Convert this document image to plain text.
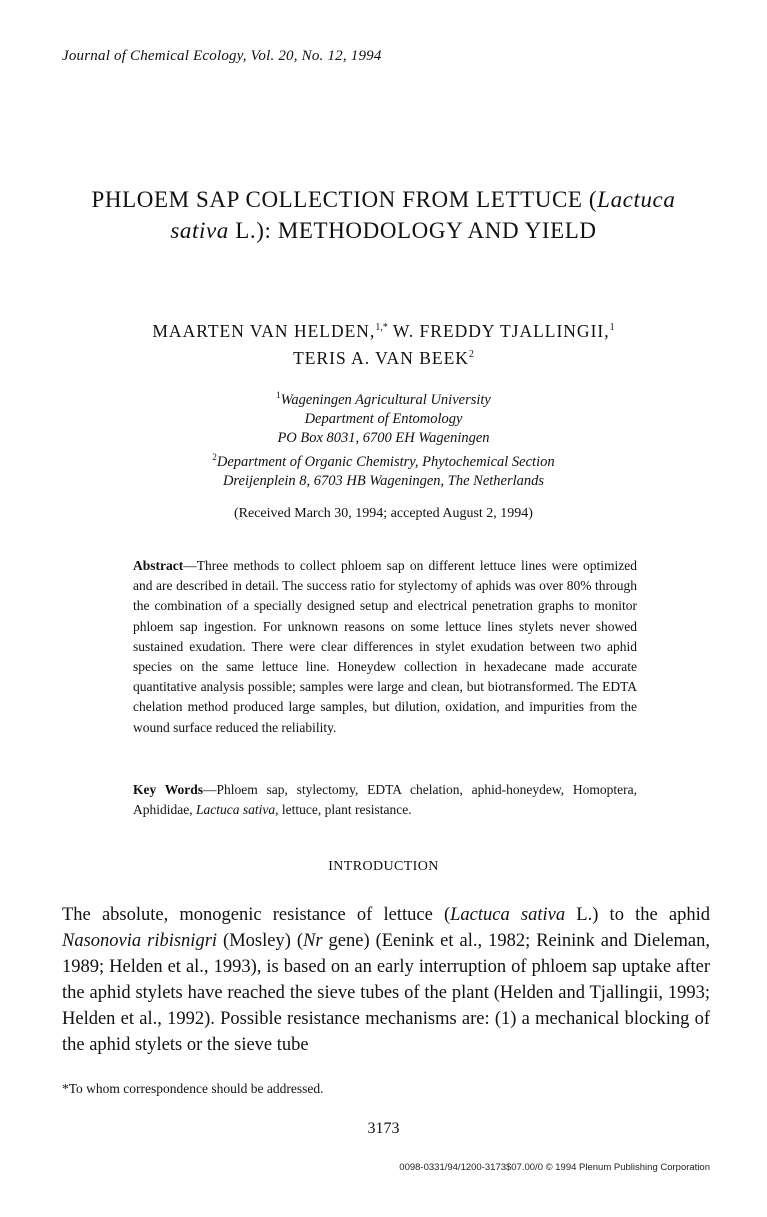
Journal of Chemical Ecology, Vol. 20, No. 12, 1994
PHLOEM SAP COLLECTION FROM LETTUCE (Lactuca
sativa L.): METHODOLOGY AND YIELD
MAARTEN VAN HELDEN,$^{1,*}$ W. FREDDY TJALLINGII,$^1$
TERIS A. VAN BEEK$^2$
$^1$Wageningen Agricultural University
Department of Entomology
PO Box 8031, 6700 EH Wageningen
$^2$Department of Organic Chemistry, Phytochemical Section
Dreijenplein 8, 6703 HB Wageningen, The Netherlands
(Received March 30, 1994; accepted August 2, 1994)
Abstract—Three methods to collect phloem sap on different lettuce lines were optimized and are described in detail. The success ratio for stylectomy of aphids was over 80% through the combination of a specially designed setup and electrical penetration graphs to monitor phloem sap ingestion. For unknown reasons on some lettuce lines stylets never showed sustained exudation. There were clear differences in stylet exudation between two aphid species on the same lettuce line. Honeydew collection in hexadecane made accurate quantitative analysis possible; samples were large and clean, but biotransformed. The EDTA chelation method produced large samples, but dilution, oxidation, and impurities from the wound surface reduced the reliability.
Key Words—Phloem sap, stylectomy, EDTA chelation, aphid-honeydew, Homoptera, Aphididae, Lactuca sativa, lettuce, plant resistance.
INTRODUCTION
The absolute, monogenic resistance of lettuce (Lactuca sativa L.) to the aphid Nasonovia ribisnigri (Mosley) (Nr gene) (Eenink et al., 1982; Reinink and Dieleman, 1989; Helden et al., 1993), is based on an early interruption of phloem sap uptake after the aphid stylets have reached the sieve tubes of the plant (Helden and Tjallingii, 1993; Helden et al., 1992). Possible resistance mechanisms are: (1) a mechanical blocking of the aphid stylets or the sieve tube
*To whom correspondence should be addressed.
3173
0098-0331/94/1200-3173$07.00/0 © 1994 Plenum Publishing Corporation
